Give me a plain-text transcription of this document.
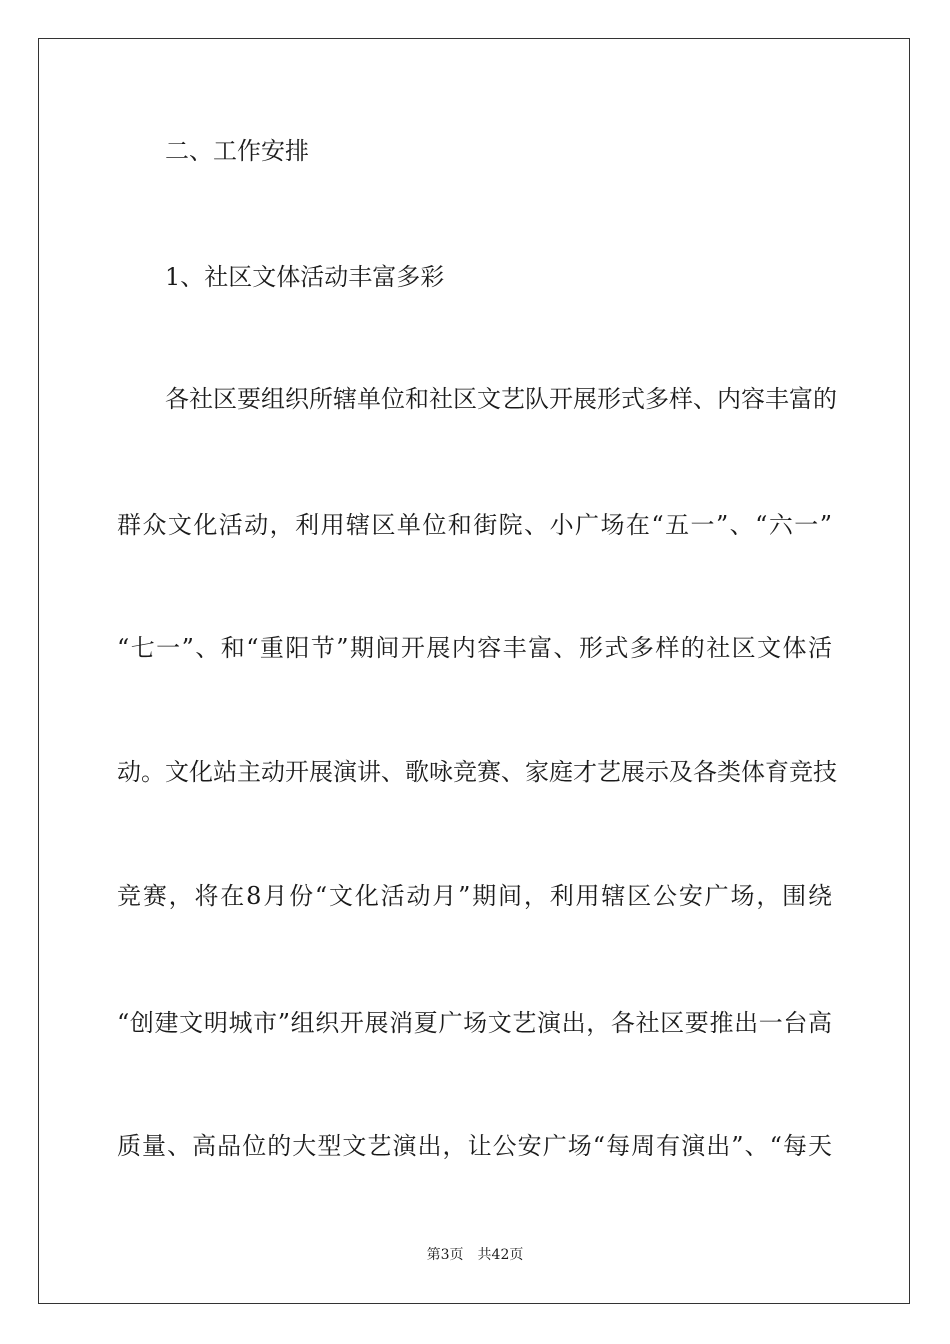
二、工作安排
1、社区文体活动丰富多彩
各社区要组织所辖单位和社区文艺队开展形式多样、内容丰富的
群众文化活动，利用辖区单位和街院、小广场在“五一”、“六一”
“七一”、和“重阳节”期间开展内容丰富、形式多样的社区文体活
动。文化站主动开展演讲、歌咏竞赛、家庭才艺展示及各类体育竞技
竞赛，将在8月份“文化活动月”期间，利用辖区公安广场，围绕
“创建文明城市”组织开展消夏广场文艺演出，各社区要推出一台高
质量、高品位的大型文艺演出，让公安广场“每周有演出”、“每天
第3页 共42页
